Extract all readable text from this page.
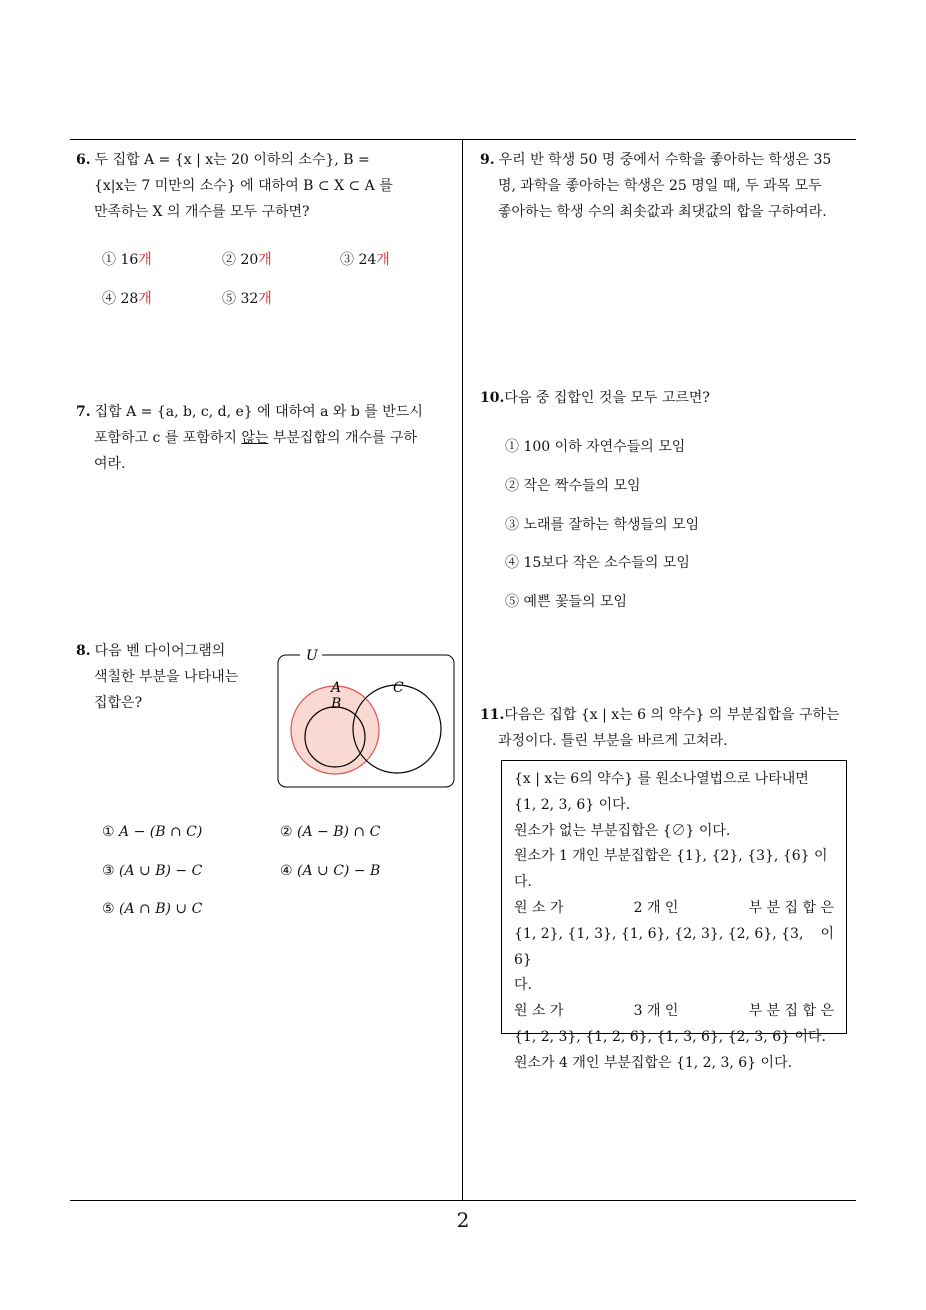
6. 두 집합 A = {x | x는 20 이하의 소수}, B =

{x|x는 7 미만의 소수} 에 대하여 B ⊂ X ⊂ A 를

만족하는 X 의 개수를 모두 구하면?

① 16개	② 20개	③ 24개
④ 28개	⑤ 32개

7. 집합 A = {a, b, c, d, e} 에 대하여 a 와 b 를 반드시

포함하고 c 를 포함하지 않는 부분집합의 개수를 구하

여라.

8. 다음 벤 다이어그램의

색칠한 부분을 나타내는

집합은?

U
A
B
C
① A − (B ∩ C)	② (A − B) ∩ C
③ (A ∪ B) − C	④ (A ∪ C) − B
⑤ (A ∩ B) ∪ C

9. 우리 반 학생 50 명 중에서 수학을 좋아하는 학생은 35

명, 과학을 좋아하는 학생은 25 명일 때, 두 과목 모두

좋아하는 학생 수의 최솟값과 최댓값의 합을 구하여라.

10.다음 중 집합인 것을 모두 고르면?

① 100 이하 자연수들의 모임
② 작은 짝수들의 모임
③ 노래를 잘하는 학생들의 모임
④ 15보다 작은 소수들의 모임
⑤ 예쁜 꽃들의 모임

11.다음은 집합 {x | x는 6 의 약수} 의 부분집합을 구하는

과정이다. 틀린 부분을 바르게 고쳐라.

{x | x는 6의 약수} 를 원소나열법으로 나타내면

{1, 2, 3, 6} 이다.

원소가 없는 부분집합은 {∅} 이다.

원소가 1 개인 부분집합은 {1}, {2}, {3}, {6} 이다.

원 소 가	2 개 인	부 분 집 합 은

{1, 2}, {1, 3}, {1, 6}, {2, 3}, {2, 6}, {3, 6}
이

다.

원 소 가	3 개 인	부 분 집 합 은

{1, 2, 3}, {1, 2, 6}, {1, 3, 6}, {2, 3, 6} 이다.

원소가 4 개인 부분집합은 {1, 2, 3, 6} 이다.

2
